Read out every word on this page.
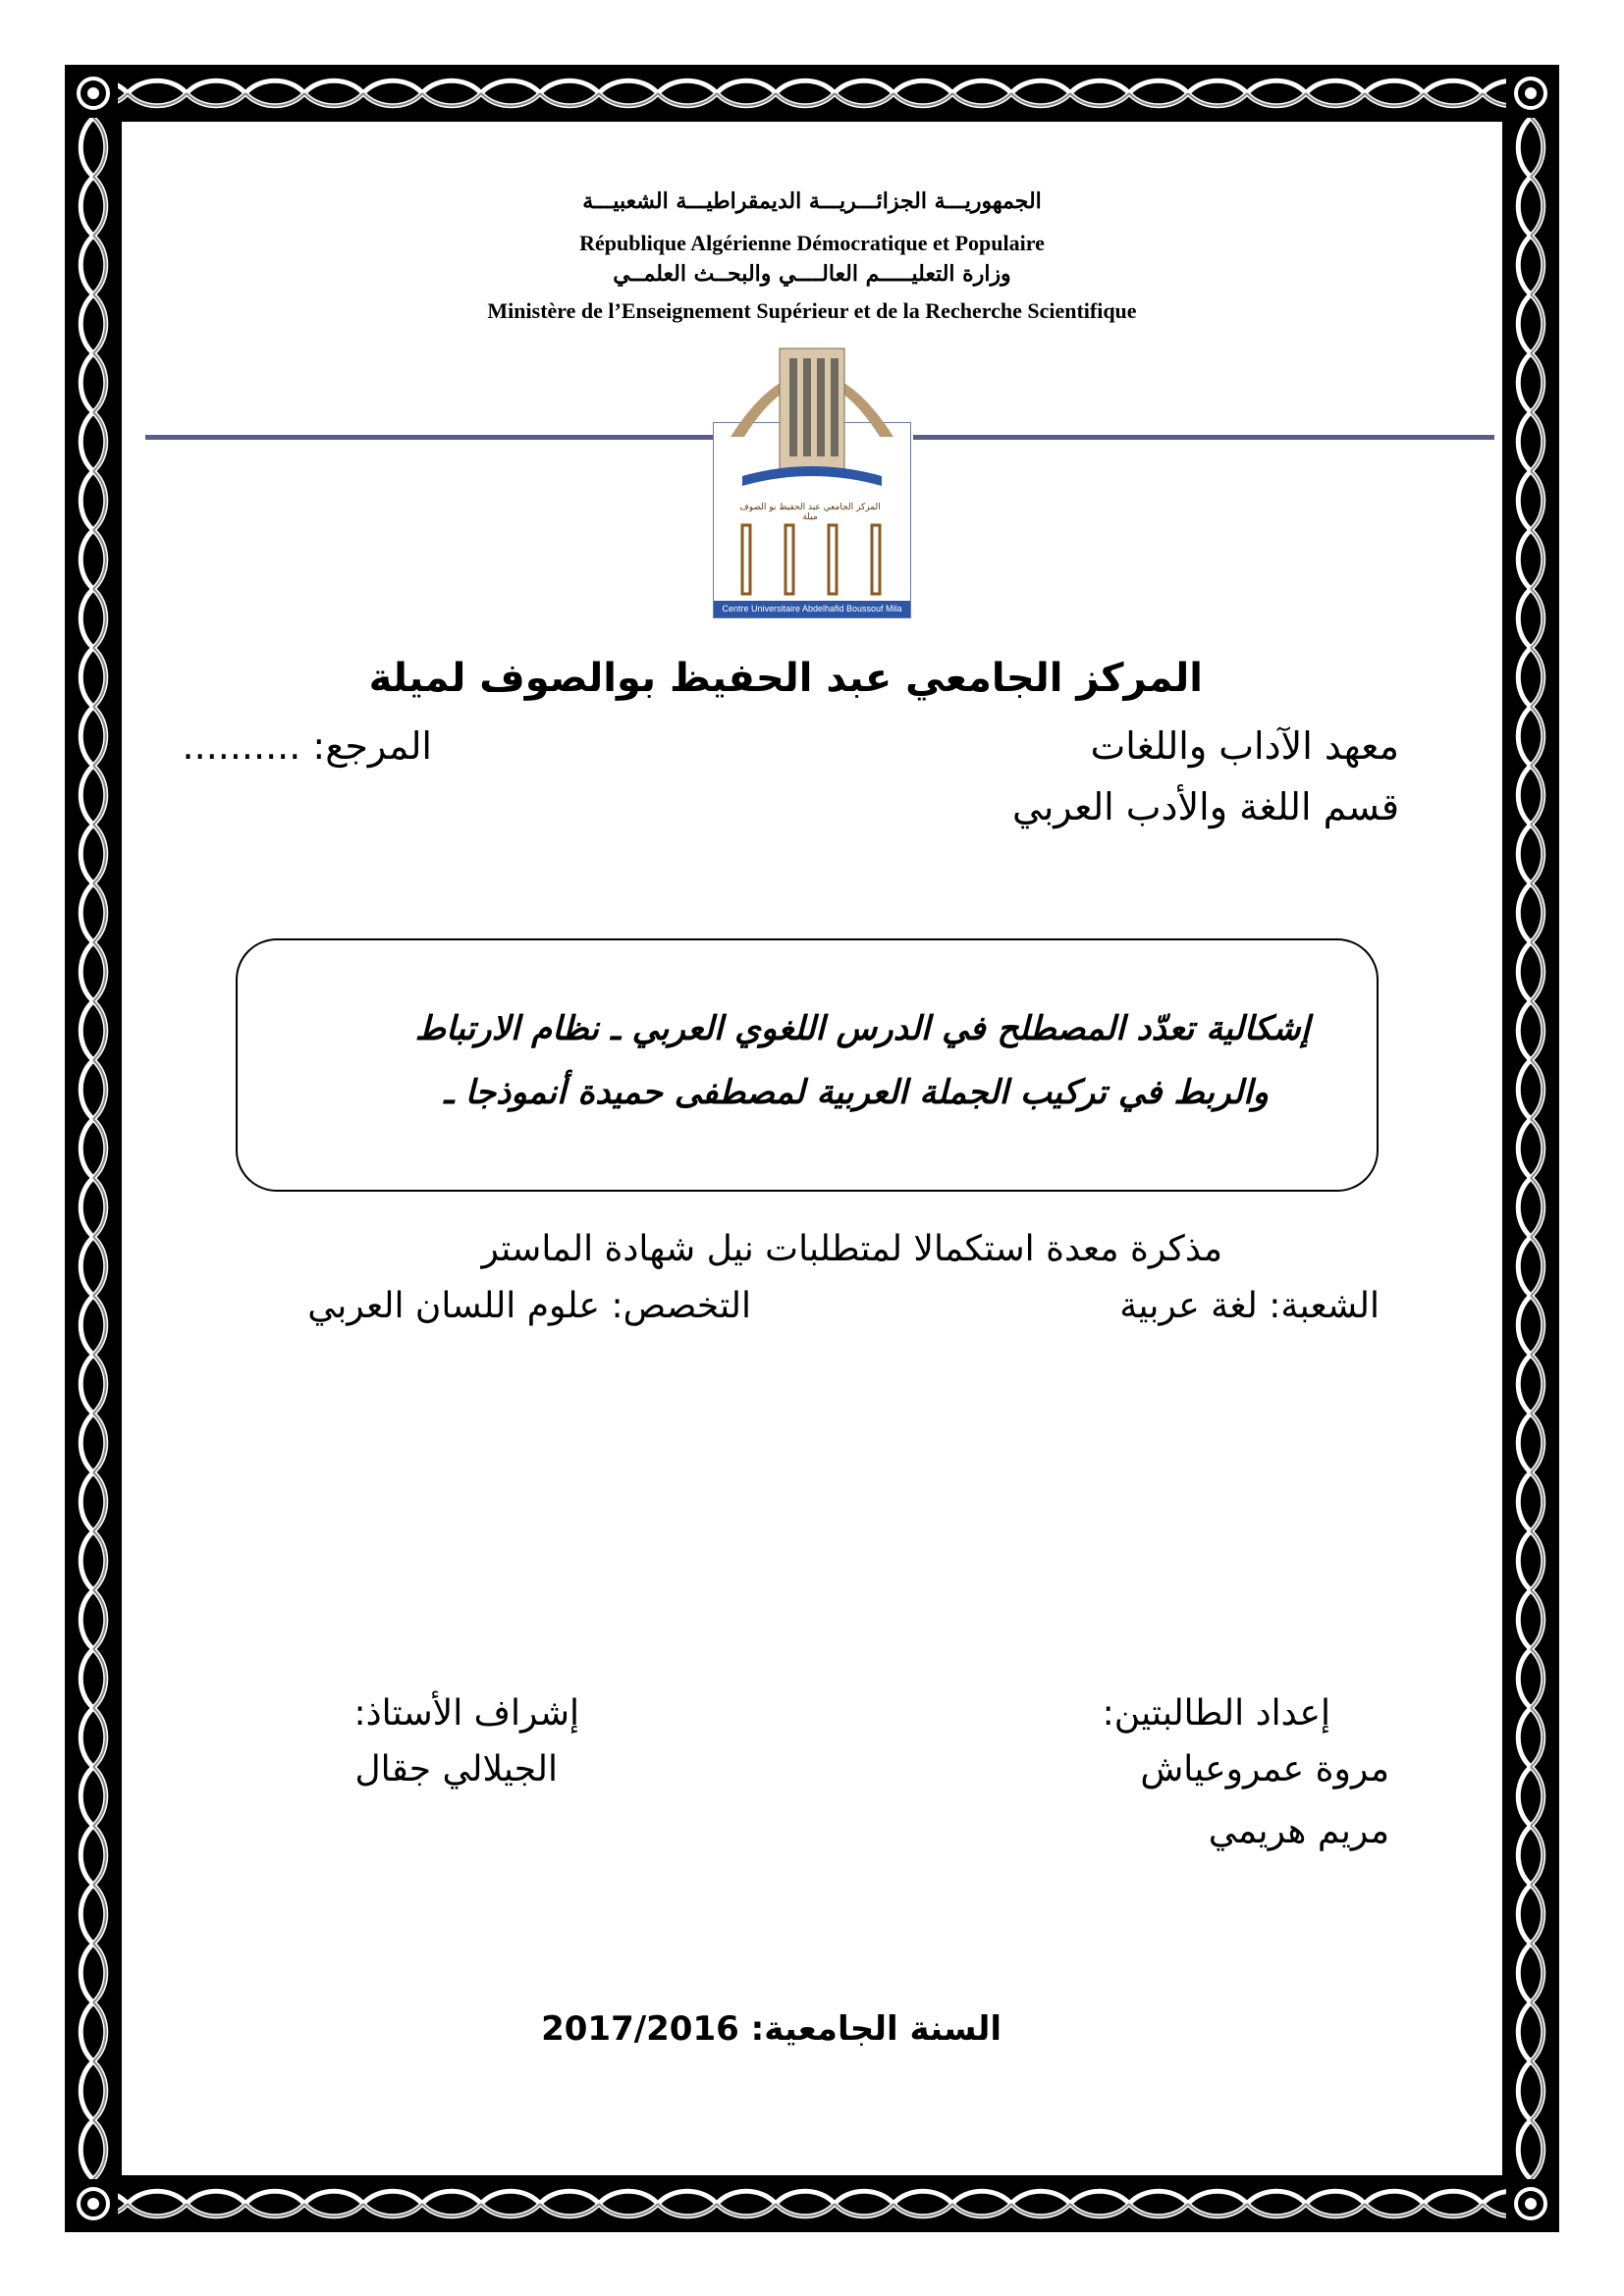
الجمهوريـــة الجزائـــريـــة الديمقراطيـــة الشعبيـــة
République Algérienne Démocratique et Populaire
وزارة التعليـــــم العالــــي والبحــث العلمــي
Ministère de l’Enseignement Supérieur et de la Recherche Scientifique
المركز الجامعي عبد الحفيظ بو الصوف ميلة
Centre Universitaire Abdelhafid Boussouf Mila
المركز الجامعي عبد الحفيظ بوالصوف لميلة
معهد الآداب واللغات
المرجع: ..........
قسم اللغة والأدب العربي
إشكالية تعدّد المصطلح في الدرس اللغوي العربي ـ نظام الارتباط
والربط في تركيب الجملة العربية لمصطفى حميدة أنموذجا ـ
مذكرة معدة استكمالا لمتطلبات نيل شهادة الماستر
الشعبة: لغة عربية
التخصص: علوم اللسان العربي
إعداد الطالبتين:
مروة عمروعياش
مريم هريمي
إشراف الأستاذ:
الجيلالي جقال
السنة الجامعية: 2017/2016
